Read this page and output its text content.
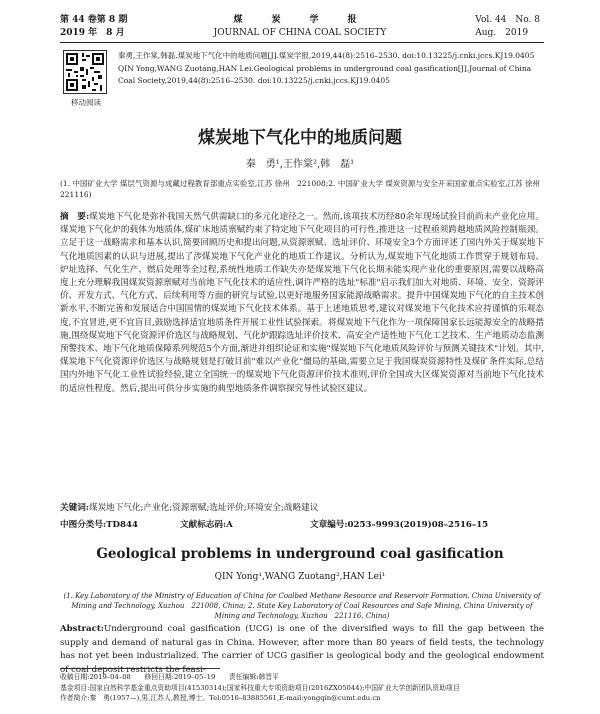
第 44 卷第 8 期
2019 年　8 月
煤　炭　学　报
JOURNAL OF CHINA COAL SOCIETY
Vol. 44　No. 8
Aug.　2019
移动阅读

秦勇,王作棠,韩磊.煤炭地下气化中的地质问题[J].煤炭学报,2019,44(8):2516–2530. doi:10.13225/j.cnki.jccs.KJ19.0405

QIN Yong,WANG Zuotang,HAN Lei.Geological problems in underground coal gasification[J].Journal of China Coal Society,2019,44(8):2516–2530. doi:10.13225/j.cnki.jccs.KJ19.0405

煤炭地下气化中的地质问题
秦　勇¹,王作棠²,韩　磊¹
(1. 中国矿业大学 煤层气资源与成藏过程教育部重点实验室,江苏 徐州　221008;2. 中国矿业大学 煤炭资源与安全开采国家重点实验室,江苏 徐州　221116)
摘　要:煤炭地下气化是弥补我国天然气供需缺口的多元化途径之一。然而,该项技术历经80余年现场试验目前尚未产业化应用。煤炭地下气化炉的载体为地质体,煤矿床地质禀赋约束了特定地下气化项目的可行性,推进这一过程亟须跨越地质风险控制瓶颈。立足于这一战略需求和基本认识,简要回顾历史和提出问题,从资源禀赋、选址评价、环境安全3个方面评述了国内外关于煤炭地下气化地质因素的认识与进展,提出了涉煤炭地下气化产业化的地质工作建议。分析认为,煤炭地下气化地质工作贯穿于规划布局、炉址选择、气化生产、燃后处理等全过程,系统性地质工作缺失亦是煤炭地下气化长期未能实现产业化的重要原因,需要以战略高度上充分理解我国煤炭资源禀赋对当前地下气化技术的适应性,调许严格的选址"标准"启示我们加大对地质、环境、安全、资源评价、开发方式、气化方式、后续利用等方面的研究与试验,以更好地服务国家能源战略需求。提升中国煤炭地下气化的自主技术创新水平,不断完善和发展适合中国国情的煤炭地下气化技术体系。基于上述地质思考,建议对煤炭地下气化技术应持谨慎的乐观态度,不宜冒进,更不宜盲目,鼓励选择适宜地质条件开展工业性试验探索。将煤炭地下气化作为一项保障国家长远能源安全的战略措施,围绕煤炭地下气化资源评价选区与战略规划、气化炉跟踪选址评价技术、高安全产适性地下气化工艺技术、生产地质动态监测预警技术、地下气化地质保障系列规范5个方面,渐进并组织论证和实施"煤炭地下气化地质风险评价与预测关键技术"计划。其中,煤炭地下气化资源评价选区与战略规划是打破目前"难以产业化"僵局的基础,需要立足于我国煤炭资源特性及煤矿条件实际,总结国内外地下气化工业性试验经验,建立全国统一的煤炭地下气化资源评价技术准则,评价全国或大区煤炭资源对当前地下气化技术的适应性程度。然后,提出可供分步实施的典型地质条件调察探究导性试验区建议。
关键词:煤炭地下气化;产业化;资源禀赋;选址评价;环境安全;战略建议
中图分类号:TD844	文献标志码:A	文章编号:0253–9993(2019)08–2516–15
Geological problems in underground coal gasification
QIN Yong¹,WANG Zuotang²,HAN Lei¹
(1. Key Laboratory of the Ministry of Education of China for Coalbed Methane Resource and Reservoir Formation, China University of Mining and Technology, Xuzhou　221008, China; 2. State Key Laboratory of Coal Resources and Safe Mining, China University of Mining and Technology, Xuzhou　221116, China)
Abstract:Underground coal gasification (UCG) is one of the diversified ways to fill the gap between the supply and demand of natural gas in China. However, after more than 80 years of field tests, the technology has not yet been industrialized. The carrier of UCG gasifier is geological body and the geological endowment of coal deposit restricts the feasi-
收稿日期:2019–04–08　　修回日期:2019–05–19　　责任编辑:韩晋平
基金项目:国家自然科学基金重点资助项目(41530314);国家科技重大专项资助项目(2016ZX05044);中国矿业大学创新团队资助项目
作者简介:秦　勇(1957—),男,江苏人,教授,博士。Tel:0516–83885561,E-mail:yongqin@cumt.edu.cn
